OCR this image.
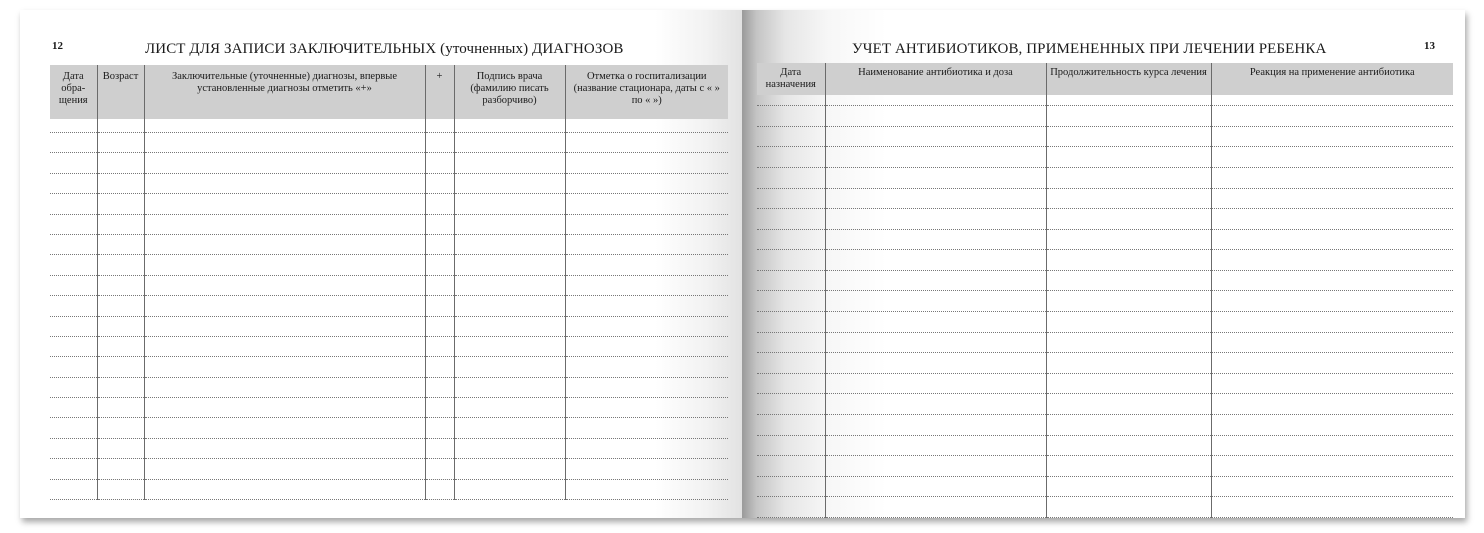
12	ЛИСТ ДЛЯ ЗАПИСИ ЗАКЛЮЧИТЕЛЬНЫХ (уточненных) ДИАГНОЗОВ
Дата обра- щения	Возраст	Заключительные (уточненные) диагнозы, впервые установленные диагнозы отметить «+»	+	Подпись врача (фамилию писать разборчиво)	Отметка о госпитализации (название стационара, даты с « » по « »)

13
УЧЕТ АНТИБИОТИКОВ, ПРИМЕНЕННЫХ ПРИ ЛЕЧЕНИИ РЕБЕНКА
Дата назначения	Наименование антибиотика и доза	Продолжительность курса лечения	Реакция на применение антибиотика
